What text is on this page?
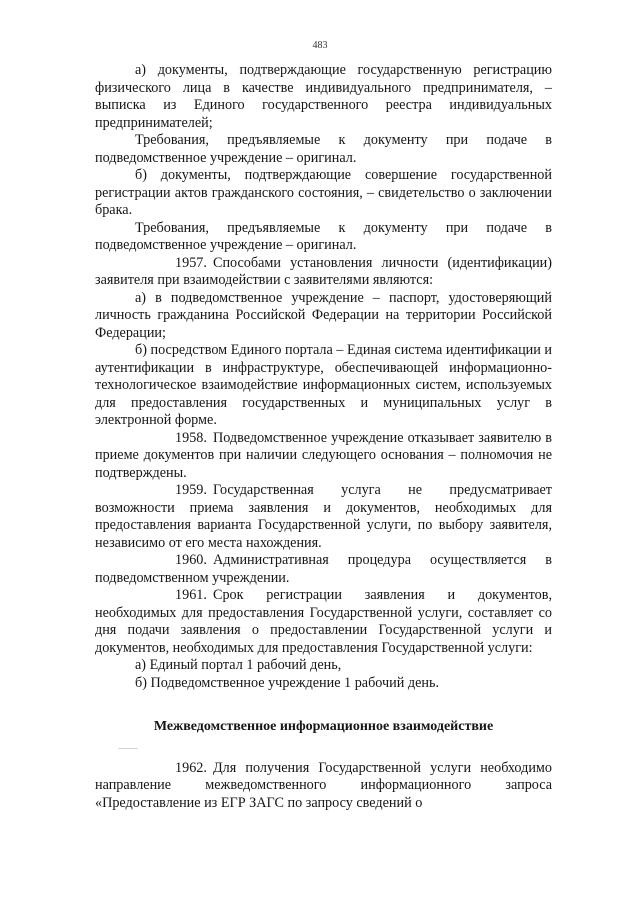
483

а) документы, подтверждающие государственную регистрацию физического лица в качестве индивидуального предпринимателя, – выписка из Единого государственного реестра индивидуальных предпринимателей;

Требования, предъявляемые к документу при подаче в подведомственное учреждение – оригинал.

б) документы, подтверждающие совершение государственной регистрации актов гражданского состояния, – свидетельство о заключении брака.

Требования, предъявляемые к документу при подаче в подведомственное учреждение – оригинал.

1957. Способами установления личности (идентификации) заявителя при взаимодействии с заявителями являются:

а) в подведомственное учреждение – паспорт, удостоверяющий личность гражданина Российской Федерации на территории Российской Федерации;

б) посредством Единого портала – Единая система идентификации и аутентификации в инфраструктуре, обеспечивающей информационно-технологическое взаимодействие информационных систем, используемых для предоставления государственных и муниципальных услуг в электронной форме.

1958. Подведомственное учреждение отказывает заявителю в приеме документов при наличии следующего основания – полномочия не подтверждены.

1959. Государственная услуга не предусматривает возможности приема заявления и документов, необходимых для предоставления варианта Государственной услуги, по выбору заявителя, независимо от его места нахождения.

1960. Административная процедура осуществляется в подведомственном учреждении.

1961. Срок регистрации заявления и документов, необходимых для предоставления Государственной услуги, составляет со дня подачи заявления о предоставлении Государственной услуги и документов, необходимых для предоставления Государственной услуги:

а) Единый портал 1 рабочий день,

б) Подведомственное учреждение 1 рабочий день.

Межведомственное информационное взаимодействие

1962. Для получения Государственной услуги необходимо направление межведомственного информационного запроса «Предоставление из ЕГР ЗАГС по запросу сведений о
